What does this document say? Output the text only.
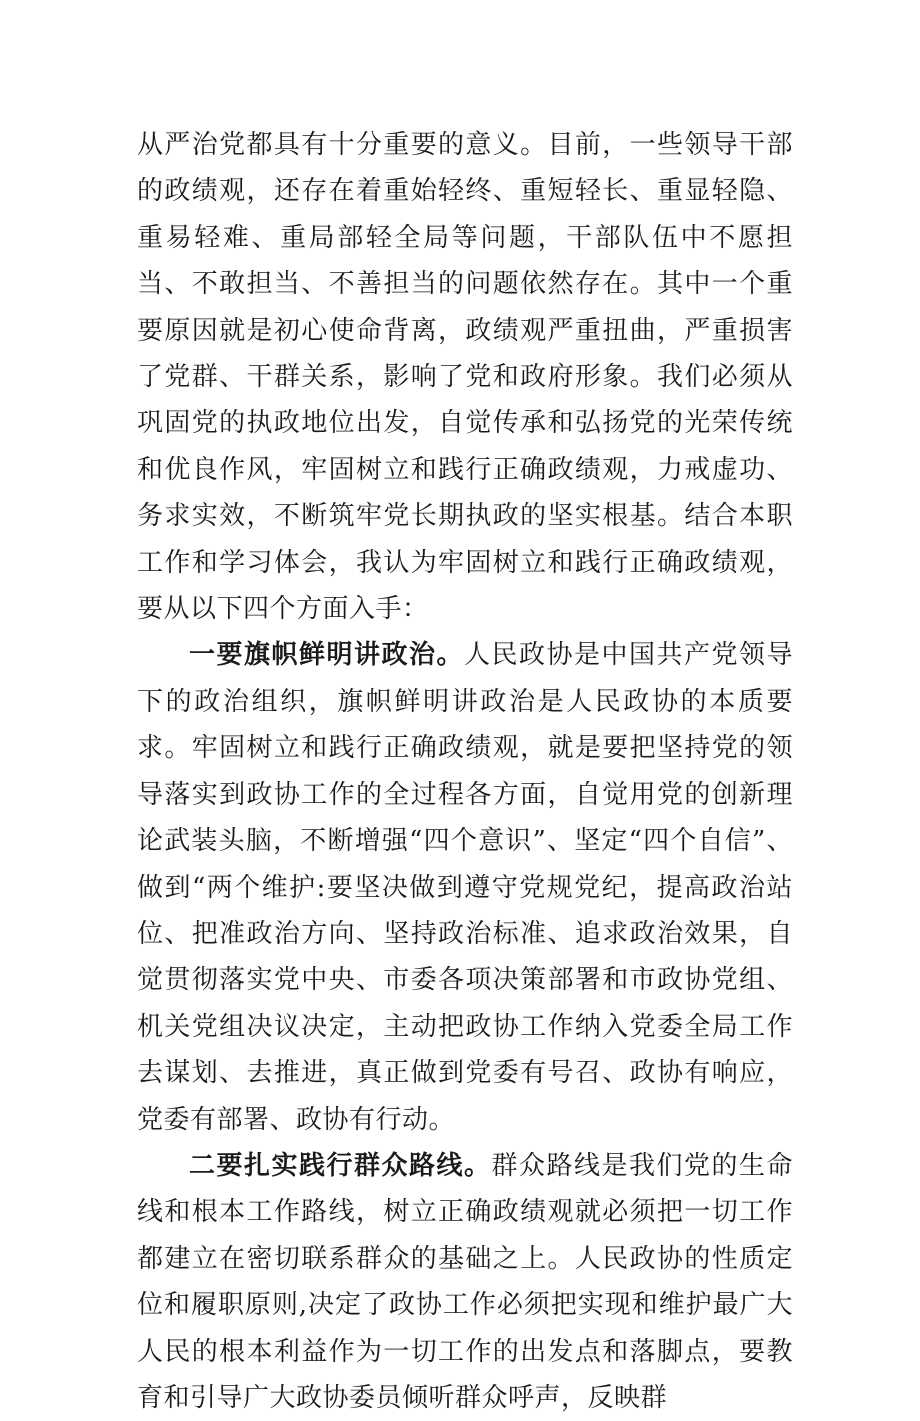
从严治党都具有十分重要的意义。目前，一些领导干部的政绩观，还存在着重始轻终、重短轻长、重显轻隐、重易轻难、重局部轻全局等问题，干部队伍中不愿担当、不敢担当、不善担当的问题依然存在。其中一个重要原因就是初心使命背离，政绩观严重扭曲，严重损害了党群、干群关系，影响了党和政府形象。我们必须从巩固党的执政地位出发，自觉传承和弘扬党的光荣传统和优良作风，牢固树立和践行正确政绩观，力戒虚功、务求实效，不断筑牢党长期执政的坚实根基。结合本职工作和学习体会，我认为牢固树立和践行正确政绩观，要从以下四个方面入手：

一要旗帜鲜明讲政治。人民政协是中国共产党领导下的政治组织，旗帜鲜明讲政治是人民政协的本质要求。牢固树立和践行正确政绩观，就是要把坚持党的领导落实到政协工作的全过程各方面，自觉用党的创新理论武装头脑，不断增强“四个意识”、坚定“四个自信”、做到“两个维护:要坚决做到遵守党规党纪，提高政治站位、把准政治方向、坚持政治标准、追求政治效果，自觉贯彻落实党中央、市委各项决策部署和市政协党组、机关党组决议决定，主动把政协工作纳入党委全局工作去谋划、去推进，真正做到党委有号召、政协有响应，党委有部署、政协有行动。

二要扎实践行群众路线。群众路线是我们党的生命线和根本工作路线，树立正确政绩观就必须把一切工作都建立在密切联系群众的基础之上。人民政协的性质定位和履职原则,决定了政协工作必须把实现和维护最广大人民的根本利益作为一切工作的出发点和落脚点，要教育和引导广大政协委员倾听群众呼声，反映群
